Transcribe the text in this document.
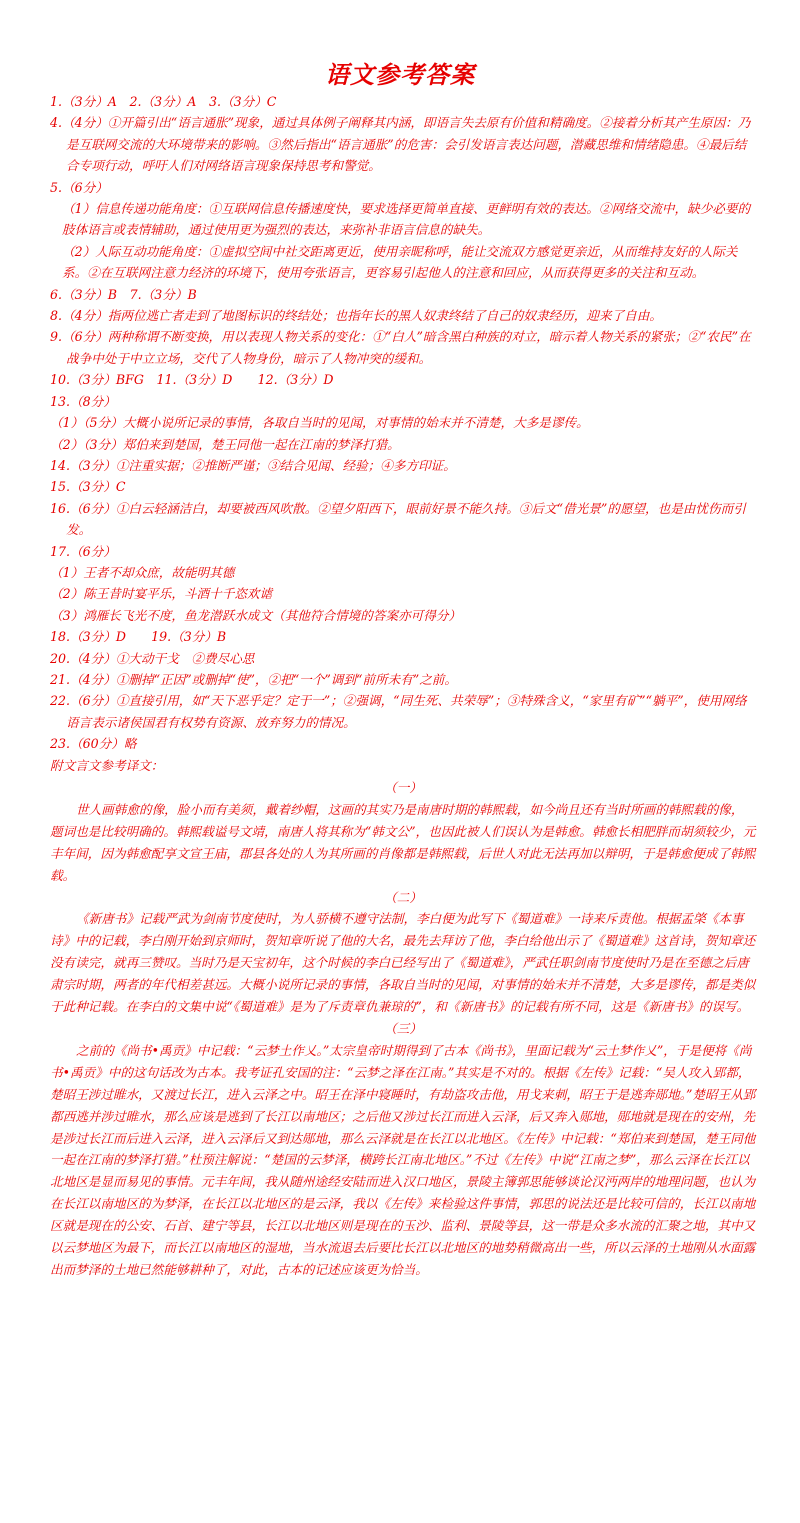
语文参考答案

1.（3分）A　2.（3分）A　3.（3分）C

4.（4分）①开篇引出“语言通胀”现象，通过具体例子阐释其内涵，即语言失去原有价值和精确度。②接着分析其产生原因：乃是互联网交流的大环境带来的影响。③然后指出“语言通胀”的危害：会引发语言表达问题，潜藏思维和情绪隐患。④最后结合专项行动，呼吁人们对网络语言现象保持思考和警觉。

5.（6分）

（1）信息传递功能角度：①互联网信息传播速度快，要求选择更简单直接、更鲜明有效的表达。②网络交流中，缺少必要的肢体语言或表情辅助，通过使用更为强烈的表达，来弥补非语言信息的缺失。

（2）人际互动功能角度：①虚拟空间中社交距离更近，使用亲昵称呼，能让交流双方感觉更亲近，从而维持友好的人际关系。②在互联网注意力经济的环境下，使用夸张语言，更容易引起他人的注意和回应，从而获得更多的关注和互动。

6.（3分）B　7.（3分）B

8.（4分）指两位逃亡者走到了地图标识的终结处；也指年长的黑人奴隶终结了自己的奴隶经历，迎来了自由。

9.（6分）两种称谓不断变换，用以表现人物关系的变化：①“白人”暗含黑白种族的对立，暗示着人物关系的紧张；②“农民”在战争中处于中立立场，交代了人物身份，暗示了人物冲突的缓和。

10.（3分）BFG　11.（3分）D　　12.（3分）D

13.（8分）

（1）（5分）大概小说所记录的事情，各取自当时的见闻，对事情的始末并不清楚，大多是谬传。

（2）（3分）郑伯来到楚国，楚王同他一起在江南的梦泽打猎。

14.（3分）①注重实据；②推断严谨；③结合见闻、经验；④多方印证。

15.（3分）C

16.（6分）①白云轻涵洁白，却要被西风吹散。②望夕阳西下，眼前好景不能久持。③后文“借光景”的愿望，也是由忧伤而引发。

17.（6分）

（1）王者不却众庶，故能明其德

（2）陈王昔时宴平乐，斗酒十千恣欢谑

（3）鸿雁长飞光不度，鱼龙潜跃水成文（其他符合情境的答案亦可得分）

18.（3分）D　　19.（3分）B

20.（4分）①大动干戈　②费尽心思

21.（4分）①删掉“正因”或删掉“使”，②把“一个”调到“前所未有”之前。

22.（6分）①直接引用，如“天下恶乎定？定于一”；②强调，“同生死、共荣辱”；③特殊含义，“家里有矿”“躺平”，使用网络语言表示诸侯国君有权势有资源、放弃努力的情况。

23.（60分）略

附文言文参考译文：

（一）

世人画韩愈的像，脸小而有美须，戴着纱帽，这画的其实乃是南唐时期的韩熙载，如今尚且还有当时所画的韩熙载的像，题词也是比较明确的。韩熙载谥号文靖，南唐人将其称为“韩文公”，也因此被人们误认为是韩愈。韩愈长相肥胖而胡须较少，元丰年间，因为韩愈配享文宣王庙，郡县各处的人为其所画的肖像都是韩熙载，后世人对此无法再加以辩明，于是韩愈便成了韩熙载。

（二）

《新唐书》记载严武为剑南节度使时，为人骄横不遵守法制，李白便为此写下《蜀道难》一诗来斥责他。根据孟棨《本事诗》中的记载，李白刚开始到京师时，贺知章听说了他的大名，最先去拜访了他，李白给他出示了《蜀道难》这首诗，贺知章还没有读完，就再三赞叹。当时乃是天宝初年，这个时候的李白已经写出了《蜀道难》，严武任职剑南节度使时乃是在至德之后唐肃宗时期，两者的年代相差甚远。大概小说所记录的事情，各取自当时的见闻，对事情的始末并不清楚，大多是谬传，都是类似于此种记载。在李白的文集中说“《蜀道难》是为了斥责章仇兼琼的”，和《新唐书》的记载有所不同，这是《新唐书》的误写。

（三）

之前的《尚书•禹贡》中记载：“云梦土作乂。”太宗皇帝时期得到了古本《尚书》，里面记载为“云土梦作乂”，于是便将《尚书•禹贡》中的这句话改为古本。我考证孔安国的注：“云梦之泽在江南。”其实是不对的。根据《左传》记载：“吴人攻入郢都，楚昭王涉过睢水，又渡过长江，进入云泽之中。昭王在泽中寝睡时，有劫盗攻击他，用戈来刺，昭王于是逃奔郧地。”楚昭王从郢都西逃并涉过睢水，那么应该是逃到了长江以南地区；之后他又涉过长江而进入云泽，后又奔入郧地，郧地就是现在的安州，先是涉过长江而后进入云泽，进入云泽后又到达郧地，那么云泽就是在长江以北地区。《左传》中记载：“郑伯来到楚国，楚王同他一起在江南的梦泽打猎。”杜预注解说：“楚国的云梦泽，横跨长江南北地区。”不过《左传》中说“江南之梦”，那么云泽在长江以北地区是显而易见的事情。元丰年间，我从随州途经安陆而进入汉口地区，景陵主簿郭思能够谈论汉沔两岸的地理问题，也认为在长江以南地区的为梦泽，在长江以北地区的是云泽，我以《左传》来检验这件事情，郭思的说法还是比较可信的，长江以南地区就是现在的公安、石首、建宁等县，长江以北地区则是现在的玉沙、监利、景陵等县，这一带是众多水流的汇聚之地，其中又以云梦地区为最下，而长江以南地区的湿地，当水流退去后要比长江以北地区的地势稍微高出一些，所以云泽的土地刚从水面露出而梦泽的土地已然能够耕种了，对此，古本的记述应该更为恰当。
